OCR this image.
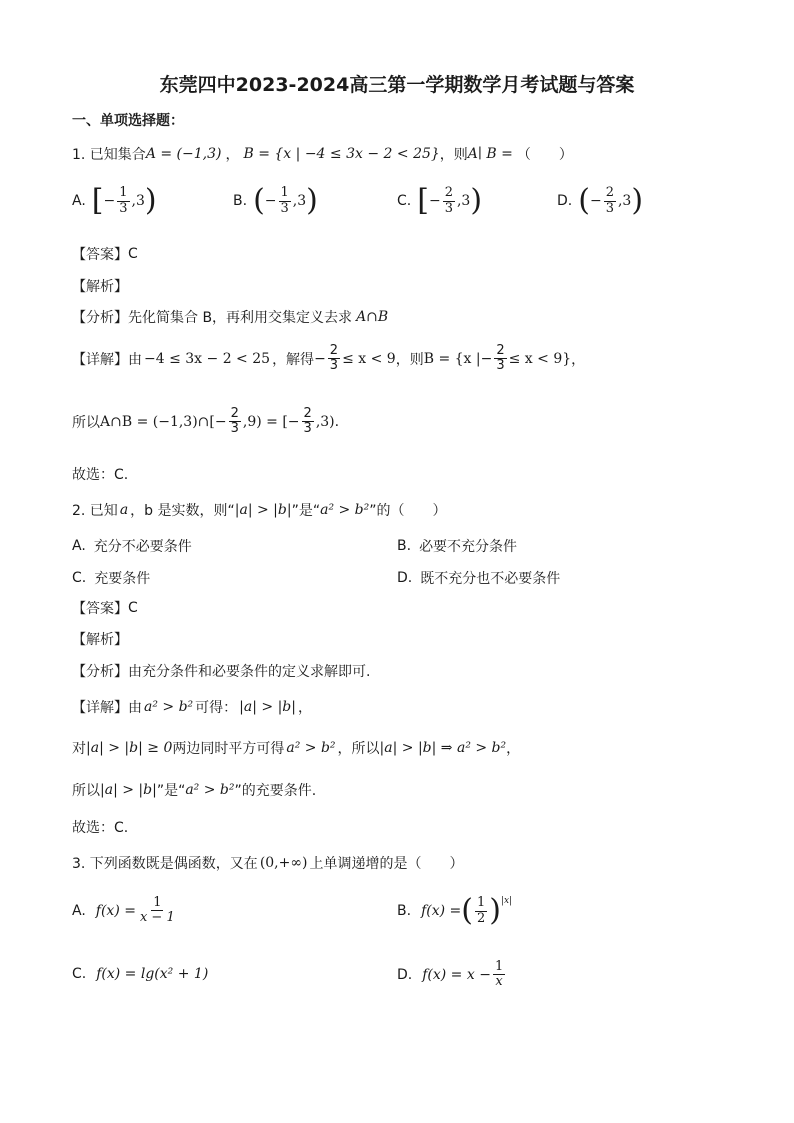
东莞四中2023-2024高三第一学期数学月考试题与答案
一、单项选择题：
1. 已知集合 A = (−1,3) ， B = {x | −4 ≤ 3x − 2 < 25} ，则 A∣ B = （　　）
A. [ − $\frac{1}{3} ,3$ )	B. ( − $\frac{1}{3} ,3$ )	C. [ − $\frac{2}{3} ,3$ )	D. ( − $\frac{2}{3} ,3$ )
【答案】 C
【解析】
【分析】 先化简集合 B，再利用交集定义去求 A∩B
【详解】 由 −4 ≤ 3x − 2 < 25 ，解得 − $\frac{2}{3} \le x < 9$ ，则 B = {x | − $\frac{2}{3} \le x < 9$} ，
所以 A∩B = (−1,3)∩[− $\frac{2}{3} ,9$) = [− $\frac{2}{3} ,3$).
故选：C.
2. 已知 a ，b 是实数，则“ |a| > |b| ”是“ a² > b² ”的（　　）
A. 充分不必要条件	B. 必要不充分条件
C. 充要条件	D. 既不充分也不必要条件
【答案】 C
【解析】
【分析】 由充分条件和必要条件的定义求解即可.
【详解】 由 a² > b² 可得： |a| > |b| ，
对 |a| > |b| ≥ 0 两边同时平方可得 a² > b² ，所以 |a| > |b| ⇒ a² > b² ，
所以 |a| > |b| ”是“ a² > b² ”的充要条件.
故选：C.
3. 下列函数既是偶函数，又在 (0,+∞) 上单调递增的是（　　）
A. $f(x) = \frac{1}{x - 1}$	B. f(x) = ( $\frac{1}{2}$ ) |x|
C. f(x) = lg(x² + 1)	D. $f(x) = x - \frac{1}{x}$
